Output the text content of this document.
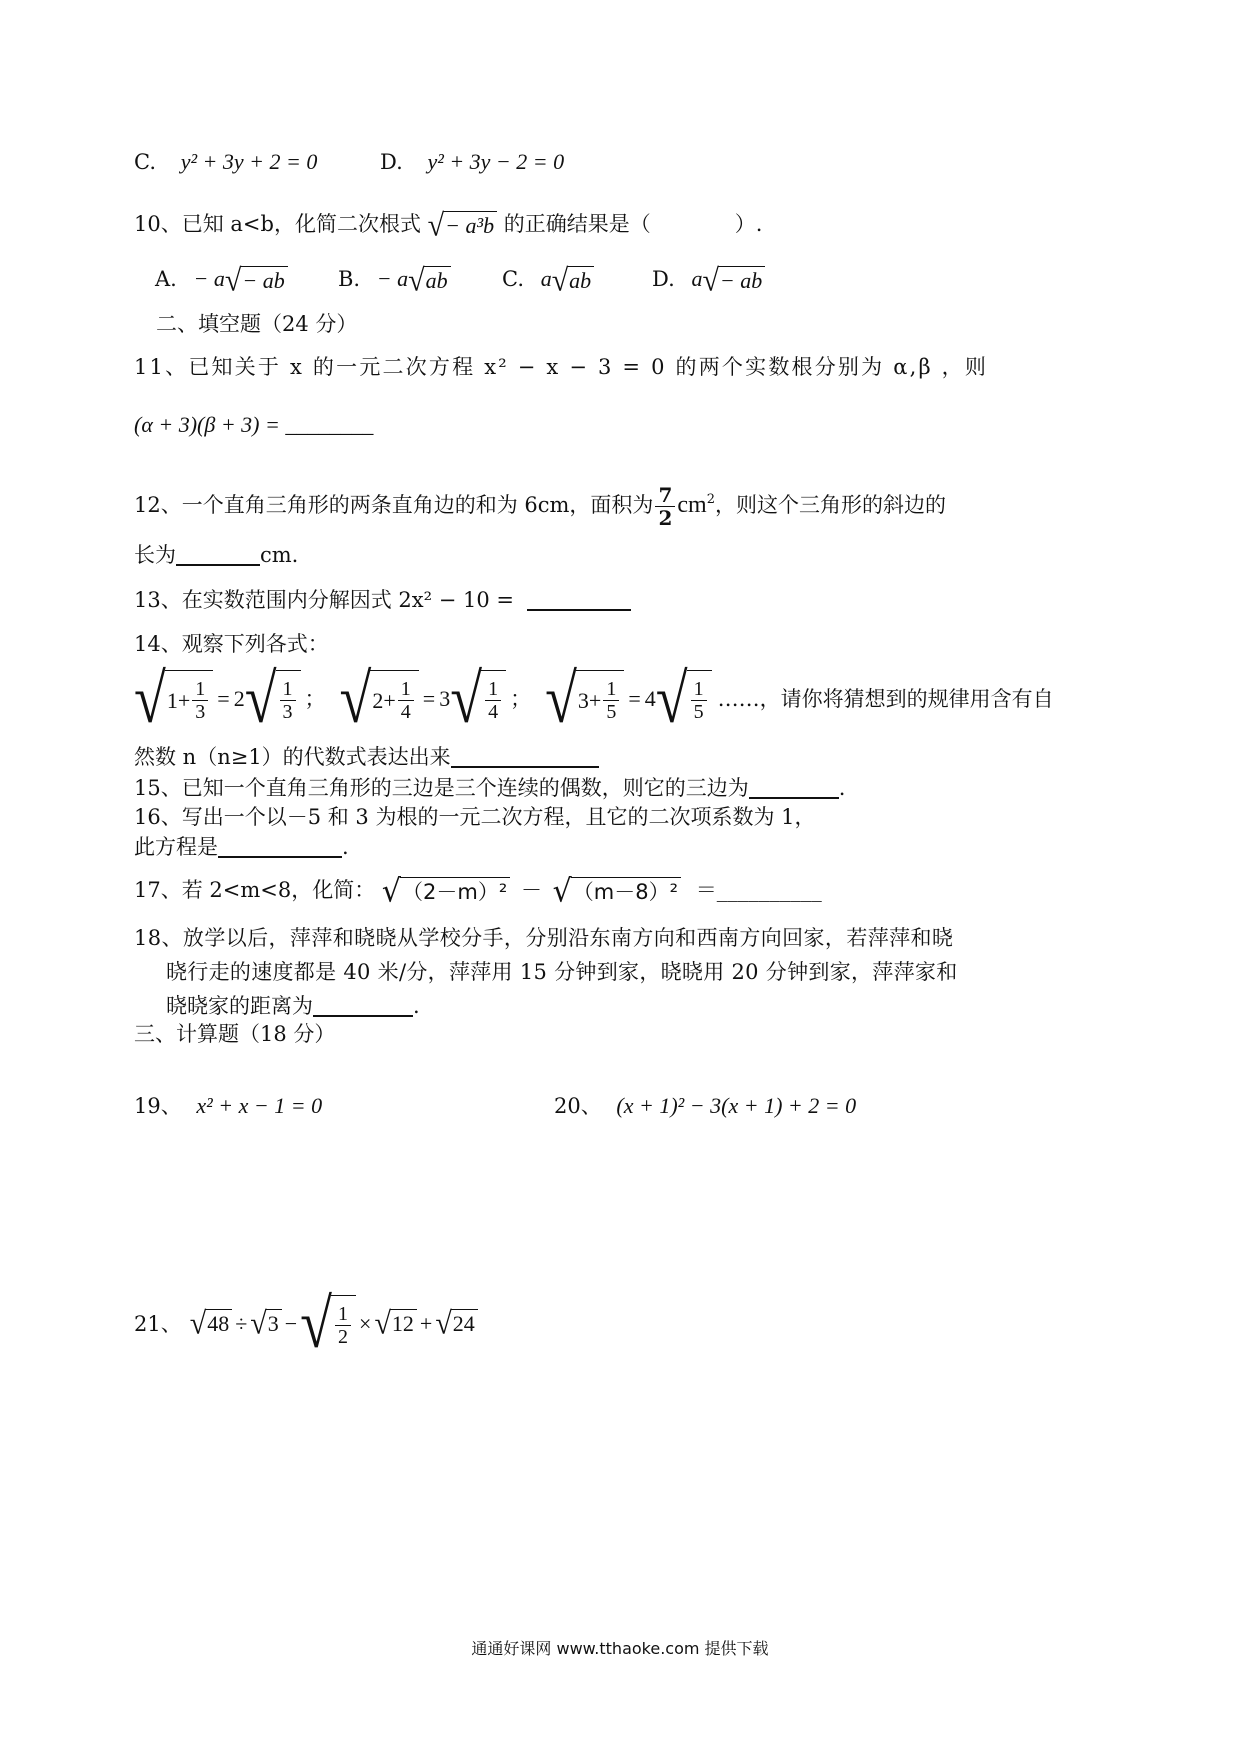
C. y² + 3y + 2 = 0	D. y² + 3y − 2 = 0
10、已知 a<b，化简二次根式 √ − a³b 的正确结果是（　　　　）.
A. − a √ − ab	B. − a √ ab	C. a √ ab	D. a √ − ab
二、填空题（24 分）
11、已知关于 x 的一元二次方程 x² − x − 3 = 0 的两个实数根分别为 α,β ，则
(α + 3)(β + 3) = ________
12、一个直角三角形的两条直角边的和为 6cm，面积为 $\frac{7}{2} cm^2$，则这个三角形的斜边的
长为	cm.
13、在实数范围内分解因式 2x² − 10 =
14、观察下列各式：
√ $1 + \frac{1}{3} = 2$ √ $\frac{1}{3}$ ； √ $2 + \frac{1}{4} = 3$ √ $\frac{1}{4}$ ； √ $3 + \frac{1}{5} = 4$ √ $\frac{1}{5}$ ……，请你将猜想到的规律用含有自
然数 n（n≥1）的代数式表达出来
15、已知一个直角三角形的三边是三个连续的偶数，则它的三边为	.
16、写出一个以－5 和 3 为根的一元二次方程，且它的二次项系数为 1，
此方程是	.
17、若 2<m<8，化简： √ （2－m）² － √ （m－8）² ＝__________
18、放学以后，萍萍和晓晓从学校分手，分别沿东南方向和西南方向回家，若萍萍和晓
晓行走的速度都是 40 米/分，萍萍用 15 分钟到家，晓晓用 20 分钟到家，萍萍家和
晓晓家的距离为	.
三、计算题（18 分）
19、 x² + x − 1 = 0	20、 (x + 1)² − 3(x + 1) + 2 = 0
21、 √ 48 ÷ √ 3 − √ $\frac{1}{2}$ × √ 12 + √ 24
通通好课网 www.tthaoke.com 提供下载
